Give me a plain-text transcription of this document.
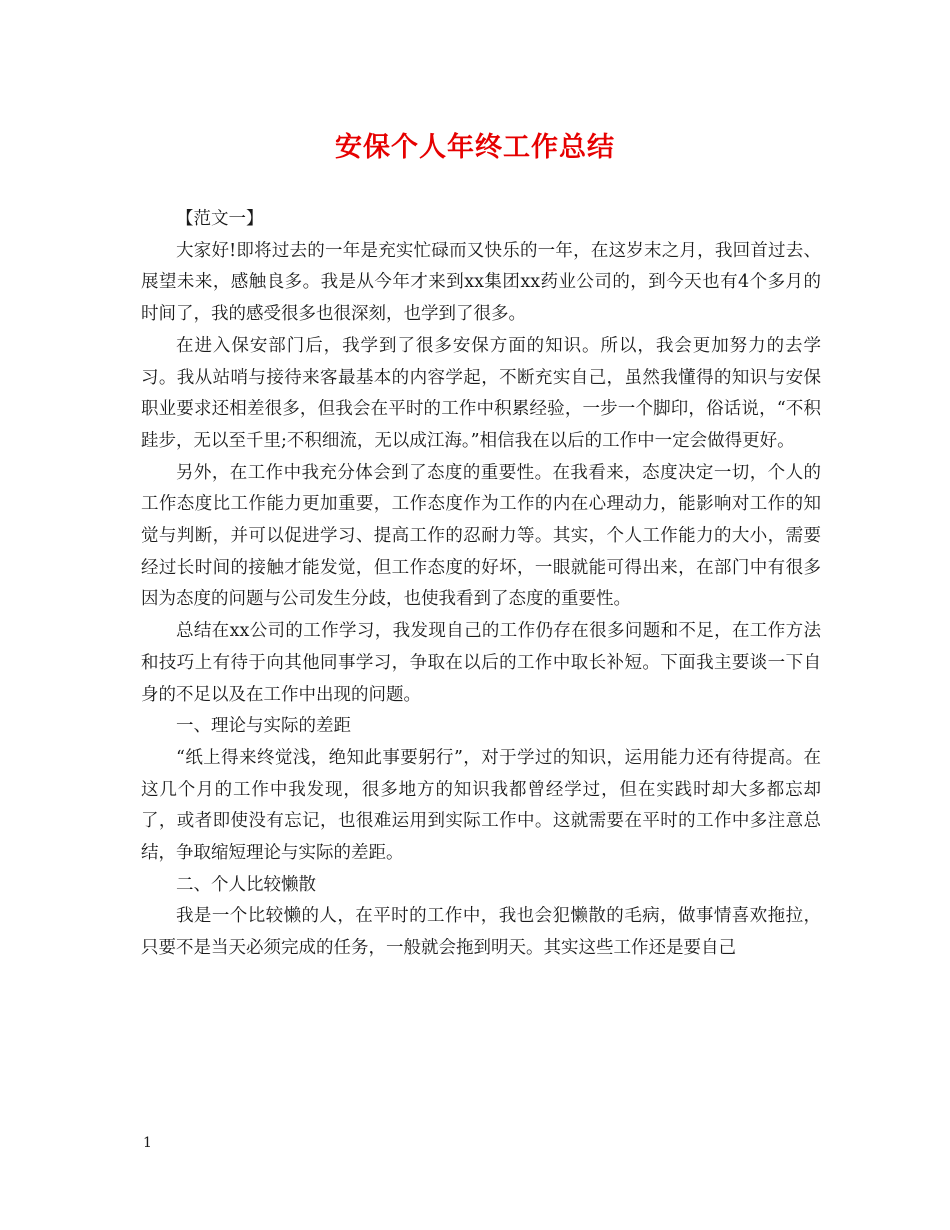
安保个人年终工作总结

【范文一】

大家好!即将过去的一年是充实忙碌而又快乐的一年，在这岁末之月，我回首过去、展望未来，感触良多。我是从今年才来到xx集团xx药业公司的，到今天也有4个多月的时间了，我的感受很多也很深刻，也学到了很多。

在进入保安部门后，我学到了很多安保方面的知识。所以，我会更加努力的去学习。我从站哨与接待来客最基本的内容学起，不断充实自己，虽然我懂得的知识与安保职业要求还相差很多，但我会在平时的工作中积累经验，一步一个脚印，俗话说，“不积跬步，无以至千里;不积细流，无以成江海。”相信我在以后的工作中一定会做得更好。

另外，在工作中我充分体会到了态度的重要性。在我看来，态度决定一切，个人的工作态度比工作能力更加重要，工作态度作为工作的内在心理动力，能影响对工作的知觉与判断，并可以促进学习、提高工作的忍耐力等。其实，个人工作能力的大小，需要经过长时间的接触才能发觉，但工作态度的好坏，一眼就能可得出来，在部门中有很多因为态度的问题与公司发生分歧，也使我看到了态度的重要性。

总结在xx公司的工作学习，我发现自己的工作仍存在很多问题和不足，在工作方法和技巧上有待于向其他同事学习，争取在以后的工作中取长补短。下面我主要谈一下自身的不足以及在工作中出现的问题。

一、理论与实际的差距

“纸上得来终觉浅，绝知此事要躬行”，对于学过的知识，运用能力还有待提高。在这几个月的工作中我发现，很多地方的知识我都曾经学过，但在实践时却大多都忘却了，或者即使没有忘记，也很难运用到实际工作中。这就需要在平时的工作中多注意总结，争取缩短理论与实际的差距。

二、个人比较懒散

我是一个比较懒的人，在平时的工作中，我也会犯懒散的毛病，做事情喜欢拖拉，只要不是当天必须完成的任务，一般就会拖到明天。其实这些工作还是要自己

1
